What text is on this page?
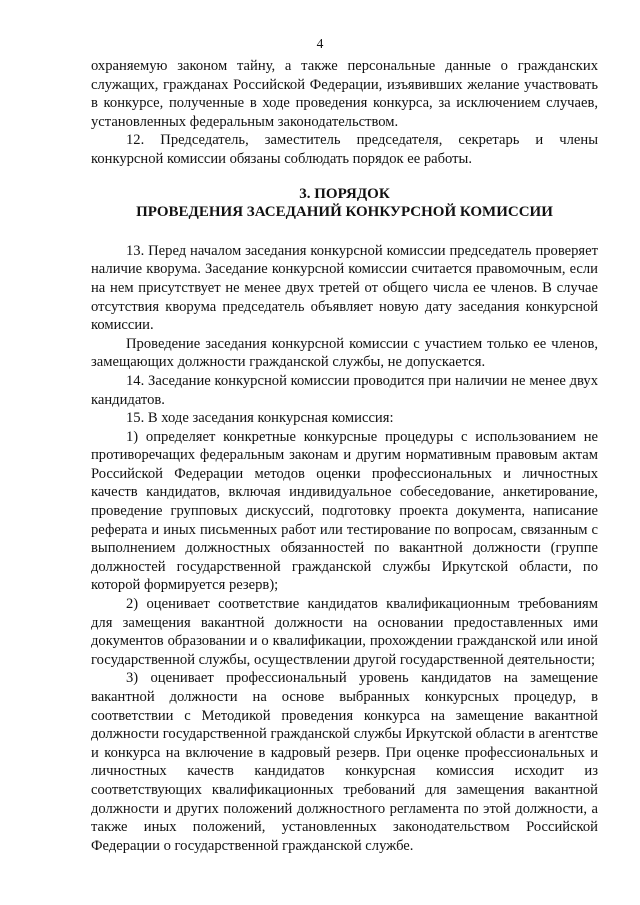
4

охраняемую законом тайну, а также персональные данные о гражданских служащих, гражданах Российской Федерации, изъявивших желание участвовать в конкурсе, полученные в ходе проведения конкурса, за исключением случаев, установленных федеральным законодательством.

12. Председатель, заместитель председателя, секретарь и члены конкурсной комиссии обязаны соблюдать порядок ее работы.

3. ПОРЯДОК
ПРОВЕДЕНИЯ ЗАСЕДАНИЙ КОНКУРСНОЙ КОМИССИИ

13. Перед началом заседания конкурсной комиссии председатель проверяет наличие кворума. Заседание конкурсной комиссии считается правомочным, если на нем присутствует не менее двух третей от общего числа ее членов. В случае отсутствия кворума председатель объявляет новую дату заседания конкурсной комиссии.

Проведение заседания конкурсной комиссии с участием только ее членов, замещающих должности гражданской службы, не допускается.

14. Заседание конкурсной комиссии проводится при наличии не менее двух кандидатов.

15. В ходе заседания конкурсная комиссия:

1) определяет конкретные конкурсные процедуры с использованием не противоречащих федеральным законам и другим нормативным правовым актам Российской Федерации методов оценки профессиональных и личностных качеств кандидатов, включая индивидуальное собеседование, анкетирование, проведение групповых дискуссий, подготовку проекта документа, написание реферата и иных письменных работ или тестирование по вопросам, связанным с выполнением должностных обязанностей по вакантной должности (группе должностей государственной гражданской службы Иркутской области, по которой формируется резерв);

2) оценивает соответствие кандидатов квалификационным требованиям для замещения вакантной должности на основании предоставленных ими документов образовании и о квалификации, прохождении гражданской или иной государственной службы, осуществлении другой государственной деятельности;

3) оценивает профессиональный уровень кандидатов на замещение вакантной должности на основе выбранных конкурсных процедур, в соответствии с Методикой проведения конкурса на замещение вакантной должности государственной гражданской службы Иркутской области в агентстве и конкурса на включение в кадровый резерв. При оценке профессиональных и личностных качеств кандидатов конкурсная комиссия исходит из соответствующих квалификационных требований для замещения вакантной должности и других положений должностного регламента по этой должности, а также иных положений, установленных законодательством Российской Федерации о государственной гражданской службе.
